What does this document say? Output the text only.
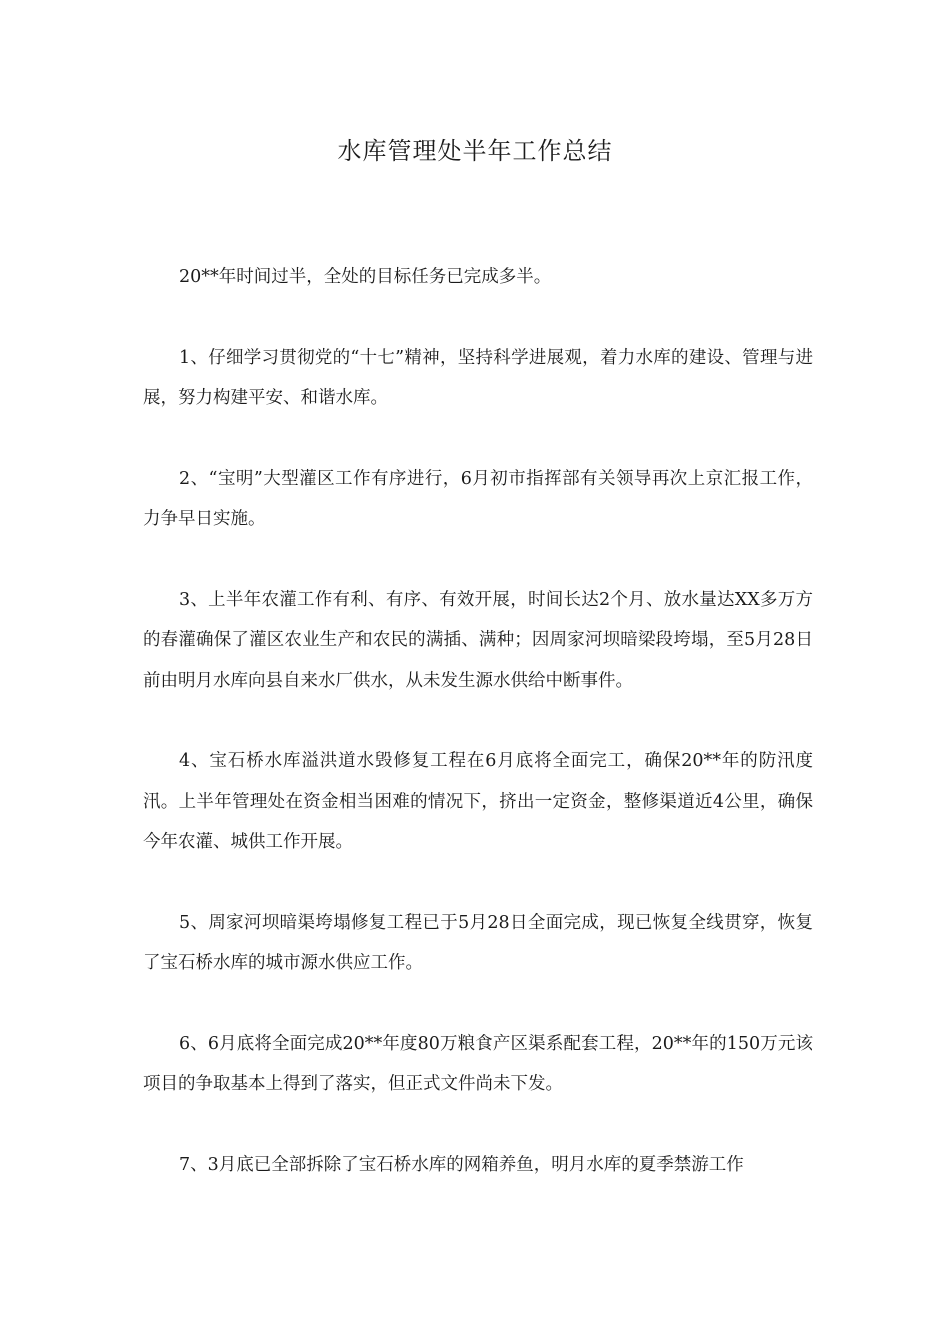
水库管理处半年工作总结

20**年时间过半，全处的目标任务已完成多半。

1、仔细学习贯彻党的“十七”精神，坚持科学进展观，着力水库的建设、管理与进展，努力构建平安、和谐水库。

2、“宝明”大型灌区工作有序进行，6月初市指挥部有关领导再次上京汇报工作，力争早日实施。

3、上半年农灌工作有利、有序、有效开展，时间长达2个月、放水量达XX多万方的春灌确保了灌区农业生产和农民的满插、满种；因周家河坝暗梁段垮塌，至5月28日前由明月水库向县自来水厂供水，从未发生源水供给中断事件。

4、宝石桥水库溢洪道水毁修复工程在6月底将全面完工，确保20**年的防汛度汛。上半年管理处在资金相当困难的情况下，挤出一定资金，整修渠道近4公里，确保今年农灌、城供工作开展。

5、周家河坝暗渠垮塌修复工程已于5月28日全面完成，现已恢复全线贯穿，恢复了宝石桥水库的城市源水供应工作。

6、6月底将全面完成20**年度80万粮食产区渠系配套工程，20**年的150万元该项目的争取基本上得到了落实，但正式文件尚未下发。

7、3月底已全部拆除了宝石桥水库的网箱养鱼，明月水库的夏季禁游工作
